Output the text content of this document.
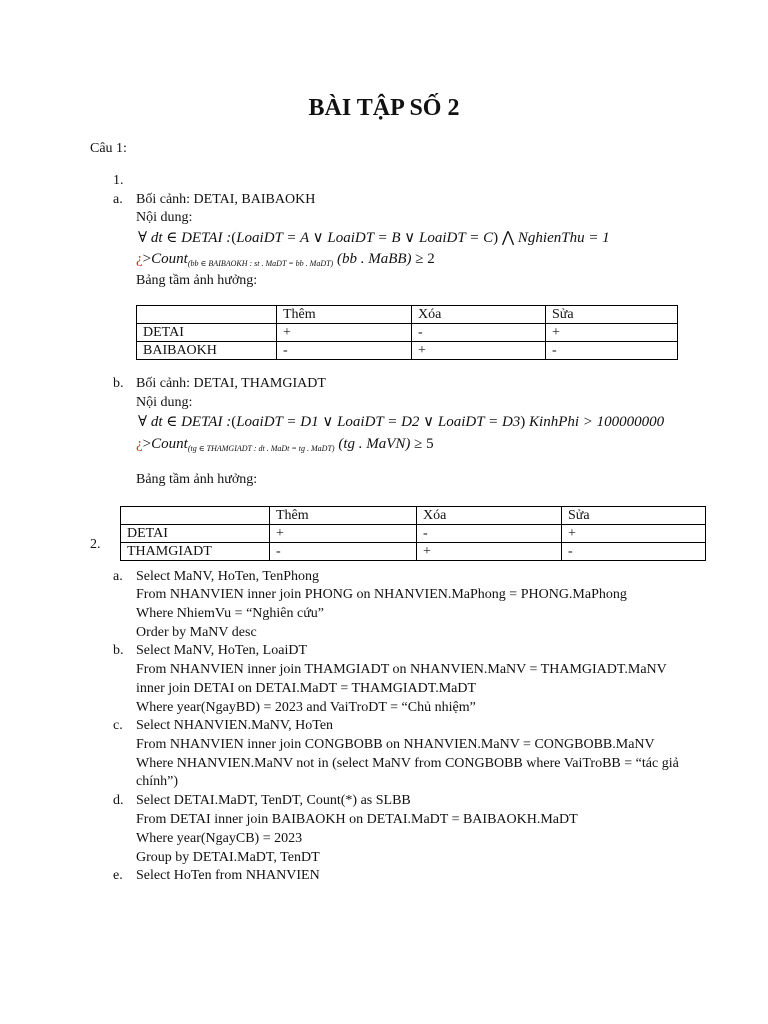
BÀI TẬP SỐ 2
Câu 1:
1.
a. Bối cảnh: DETAI, BAIBAOKH
Nội dung:
∀ dt ∈ DETAI :(LoaiDT = A ∨ LoaiDT = B ∨ LoaiDT = C) ⋀ NghienThu = 1
¿>Count$_{(bb \in BAIBAOKH : st . MaDT = bb . MaDT)}$ (bb . MaBB) ≥ 2
Bảng tầm ảnh hưởng:
	Thêm	Xóa	Sửa
DETAI	+	-	+
BAIBAOKH	-	+	-
b. Bối cảnh: DETAI, THAMGIADT
Nội dung:
∀ dt ∈ DETAI :(LoaiDT = D1 ∨ LoaiDT = D2 ∨ LoaiDT = D3) KinhPhi > 100000000
¿>Count$_{(tg \in THAMGIADT : dt . MaDt = tg . MaDT)}$ (tg . MaVN) ≥ 5
Bảng tầm ảnh hưởng:
2.
	Thêm	Xóa	Sửa
DETAI	+	-	+
THAMGIADT	-	+	-
a. Select MaNV, HoTen, TenPhong
From NHANVIEN inner join PHONG on NHANVIEN.MaPhong = PHONG.MaPhong
Where NhiemVu = “Nghiên cứu”
Order by MaNV desc
b. Select MaNV, HoTen, LoaiDT
From NHANVIEN inner join THAMGIADT on NHANVIEN.MaNV = THAMGIADT.MaNV
inner join DETAI on DETAI.MaDT = THAMGIADT.MaDT
Where year(NgayBD) = 2023 and VaiTroDT = “Chủ nhiệm”
c. Select NHANVIEN.MaNV, HoTen
From NHANVIEN inner join CONGBOBB on NHANVIEN.MaNV = CONGBOBB.MaNV
Where NHANVIEN.MaNV not in (select MaNV from CONGBOBB where VaiTroBB = “tác giả
chính”)
d. Select DETAI.MaDT, TenDT, Count(*) as SLBB
From DETAI inner join BAIBAOKH on DETAI.MaDT = BAIBAOKH.MaDT
Where year(NgayCB) = 2023
Group by DETAI.MaDT, TenDT
e. Select HoTen from NHANVIEN
